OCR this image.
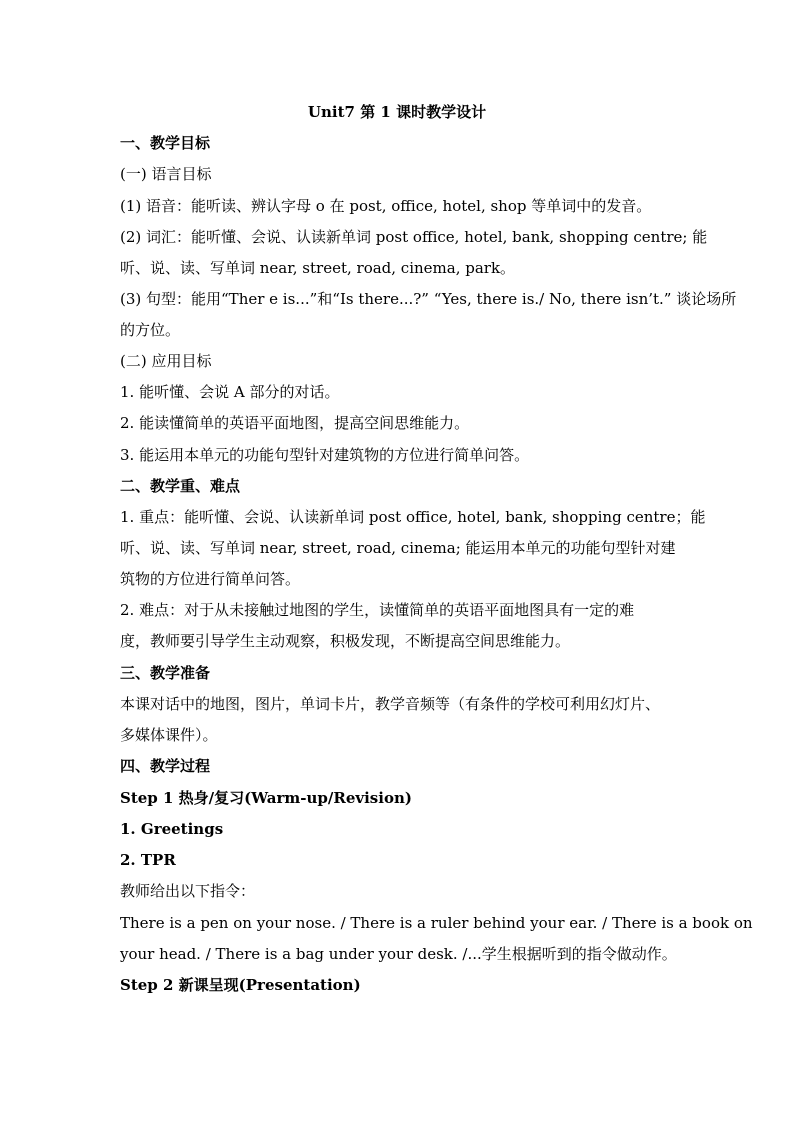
Unit7 第 1 课时教学设计
一、教学目标
(一) 语言目标
(1) 语音：能听读、辨认字母 o 在 post, office, hotel, shop 等单词中的发音。
(2) 词汇：能听懂、会说、认读新单词 post office, hotel, bank, shopping centre; 能
听、说、读、写单词 near, street, road, cinema, park。
(3) 句型：能用“Ther e is...”和“Is there...?” “Yes, there is./ No, there isn’t.” 谈论场所
的方位。
(二) 应用目标
1. 能听懂、会说 A 部分的对话。
2. 能读懂简单的英语平面地图，提高空间思维能力。
3. 能运用本单元的功能句型针对建筑物的方位进行简单问答。
二、教学重、难点
1. 重点：能听懂、会说、认读新单词 post office, hotel, bank, shopping centre；能
听、说、读、写单词 near, street, road, cinema; 能运用本单元的功能句型针对建
筑物的方位进行简单问答。
2. 难点：对于从未接触过地图的学生，读懂简单的英语平面地图具有一定的难
度，教师要引导学生主动观察，积极发现，不断提高空间思维能力。
三、教学准备
本课对话中的地图，图片，单词卡片，教学音频等（有条件的学校可利用幻灯片、
多媒体课件）。
四、教学过程
Step 1 热身/复习(Warm-up/Revision)
1. Greetings
2. TPR
教师给出以下指令：
There is a pen on your nose. / There is a ruler behind your ear. / There is a book on
your head. / There is a bag under your desk. /...学生根据听到的指令做动作。
Step 2 新课呈现(Presentation)
